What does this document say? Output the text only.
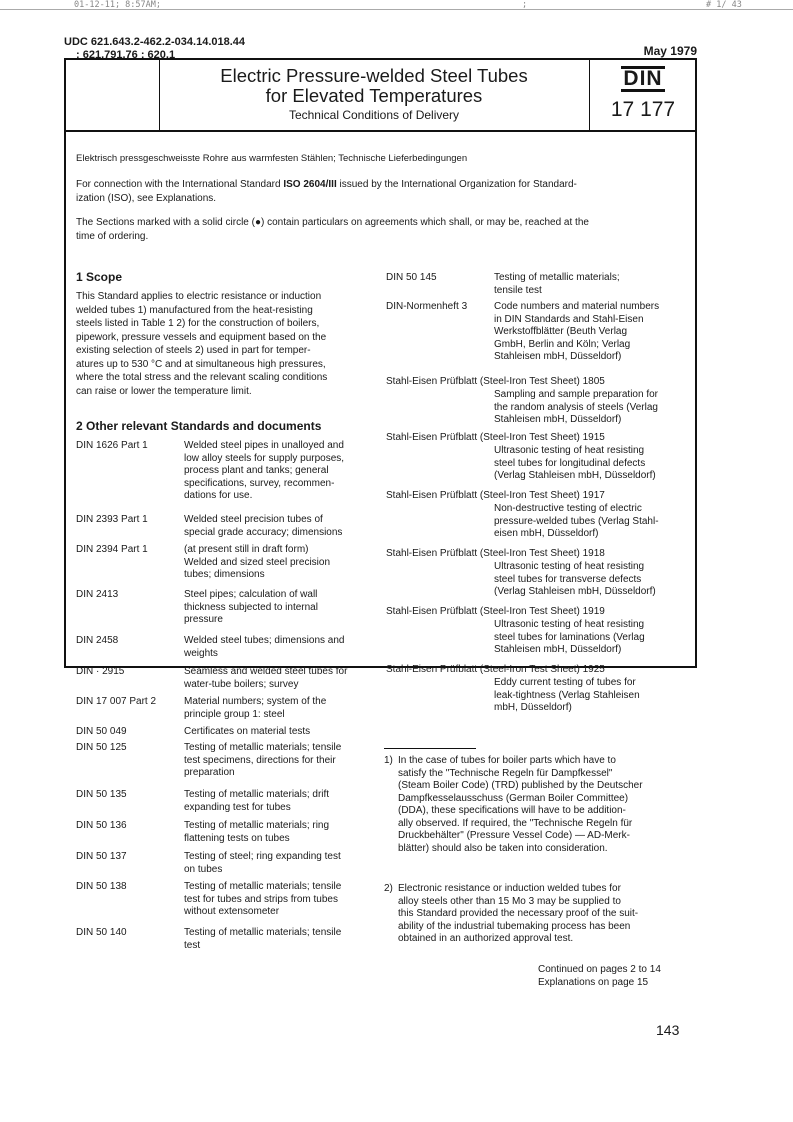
01-12-11; 8:57AM;	;	# 1/ 43
UDC 621.643.2-462.2-034.14.018.44
: 621.791.76 : 620.1	May 1979
Electric Pressure-welded Steel Tubes
for Elevated Temperatures
Technical Conditions of Delivery
DIN
17 177
Elektrisch pressgeschweisste Rohre aus warmfesten Stählen; Technische Lieferbedingungen
For connection with the International Standard ISO 2604/III issued by the International Organization for Standard-
ization (ISO), see Explanations.
The Sections marked with a solid circle (●) contain particulars on agreements which shall, or may be, reached at the
time of ordering.
1 Scope
This Standard applies to electric resistance or induction
welded tubes 1) manufactured from the heat-resisting
steels listed in Table 1 2) for the construction of boilers,
pipework, pressure vessels and equipment based on the
existing selection of steels 2) used in part for temper-
atures up to 530 °C and at simultaneous high pressures,
where the total stress and the relevant scaling conditions
can raise or lower the temperature limit.
2 Other relevant Standards and documents
DIN 1626 Part 1	Welded steel pipes in unalloyed and
low alloy steels for supply purposes,
process plant and tanks; general
specifications, survey, recommen-
dations for use.
DIN 2393 Part 1	Welded steel precision tubes of
special grade accuracy; dimensions
DIN 2394 Part 1	(at present still in draft form)
Welded and sized steel precision
tubes; dimensions
DIN 2413	Steel pipes; calculation of wall
thickness subjected to internal
pressure
DIN 2458	Welded steel tubes; dimensions and
weights
DIN · 2915	Seamless and welded steel tubes for
water-tube boilers; survey
DIN 17 007 Part 2	Material numbers; system of the
principle group 1: steel
DIN 50 049	Certificates on material tests
DIN 50 125	Testing of metallic materials; tensile
test specimens, directions for their
preparation
DIN 50 135	Testing of metallic materials; drift
expanding test for tubes
DIN 50 136	Testing of metallic materials; ring
flattening tests on tubes
DIN 50 137	Testing of steel; ring expanding test
on tubes
DIN 50 138	Testing of metallic materials; tensile
test for tubes and strips from tubes
without extensometer
DIN 50 140	Testing of metallic materials; tensile
test
DIN 50 145	Testing of metallic materials;
tensile test
DIN-Normenheft 3	Code numbers and material numbers
in DIN Standards and Stahl-Eisen
Werkstoffblätter (Beuth Verlag
GmbH, Berlin and Köln; Verlag
Stahleisen mbH, Düsseldorf)
Stahl-Eisen Prüfblatt (Steel-Iron Test Sheet) 1805
Sampling and sample preparation for
the random analysis of steels (Verlag
Stahleisen mbH, Düsseldorf)
Stahl-Eisen Prüfblatt (Steel-Iron Test Sheet) 1915
Ultrasonic testing of heat resisting
steel tubes for longitudinal defects
(Verlag Stahleisen mbH, Düsseldorf)
Stahl-Eisen Prüfblatt (Steel-Iron Test Sheet) 1917
Non-destructive testing of electric
pressure-welded tubes (Verlag Stahl-
eisen mbH, Düsseldorf)
Stahl-Eisen Prüfblatt (Steel-Iron Test Sheet) 1918
Ultrasonic testing of heat resisting
steel tubes for transverse defects
(Verlag Stahleisen mbH, Düsseldorf)
Stahl-Eisen Prüfblatt (Steel-Iron Test Sheet) 1919
Ultrasonic testing of heat resisting
steel tubes for laminations (Verlag
Stahleisen mbH, Düsseldorf)
Stahl-Eisen Prüfblatt (Steel-Iron Test Sheet) 1925
Eddy current testing of tubes for
leak-tightness (Verlag Stahleisen
mbH, Düsseldorf)
1) In the case of tubes for boiler parts which have to
satisfy the "Technische Regeln für Dampfkessel"
(Steam Boiler Code) (TRD) published by the Deutscher
Dampfkesselausschuss (German Boiler Committee)
(DDA), these specifications will have to be addition-
ally observed. If required, the "Technische Regeln für
Druckbehälter" (Pressure Vessel Code) — AD-Merk-
blätter) should also be taken into consideration.
2) Electronic resistance or induction welded tubes for
alloy steels other than 15 Mo 3 may be supplied to
this Standard provided the necessary proof of the suit-
ability of the industrial tubemaking process has been
obtained in an authorized approval test.
Continued on pages 2 to 14
Explanations on page 15
143
